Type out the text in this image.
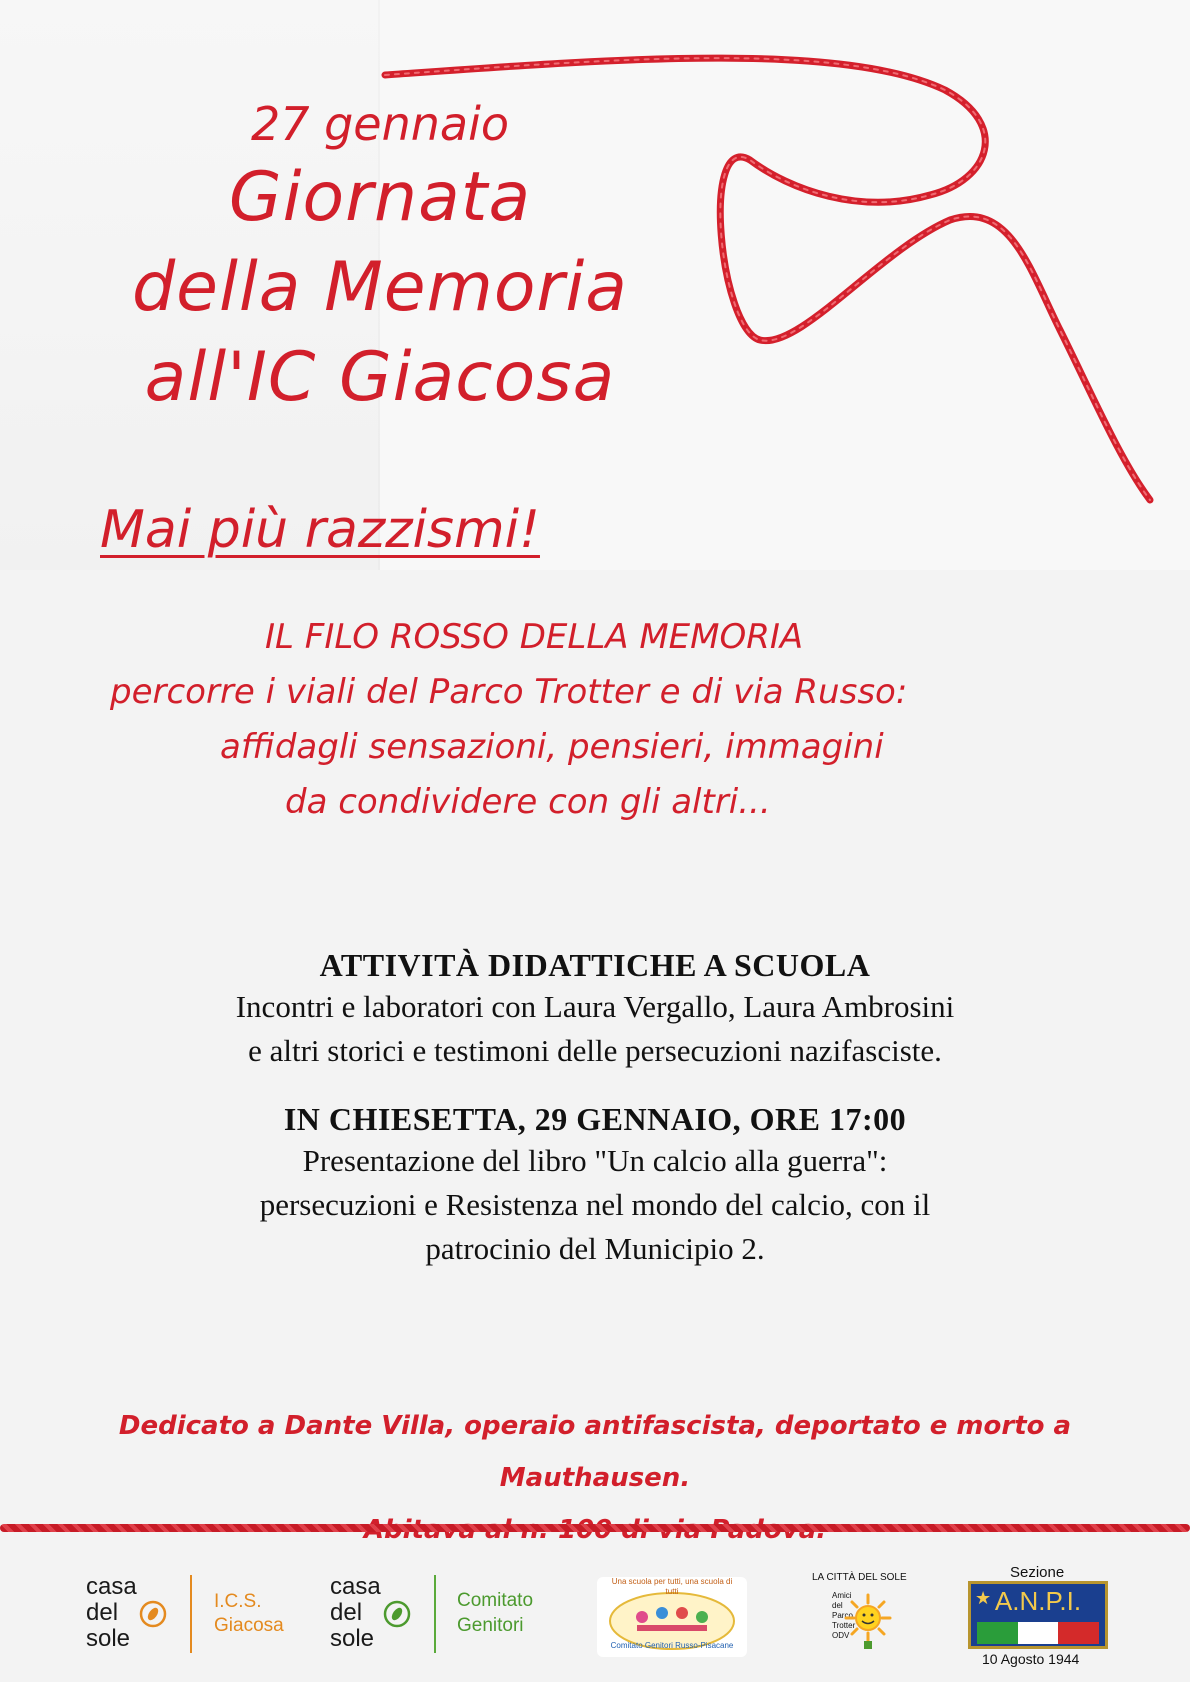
27 gennaio
Giornata
della Memoria
all'IC Giacosa
Mai più razzismi!
IL FILO ROSSO DELLA MEMORIA
percorre i viali del Parco Trotter e di via Russo:
affidagli sensazioni, pensieri, immagini
da condividere con gli altri...
ATTIVITÀ DIDATTICHE A SCUOLA
Incontri e laboratori con Laura Vergallo, Laura Ambrosini
e altri storici e testimoni delle persecuzioni nazifasciste.
IN CHIESETTA, 29 GENNAIO, ORE 17:00
Presentazione del libro "Un calcio alla guerra":
persecuzioni e Resistenza nel mondo del calcio, con il
patrocinio del Municipio 2.
Dedicato a Dante Villa, operaio antifascista, deportato e morto a Mauthausen.
casa
del
sole
I.C.S.
Giacosa
casa
del
sole
Comitato
Genitori
Una scuola per tutti, una scuola di tutti
Comitato Genitori Russo-Pisacane
LA CITTÀ DEL SOLE
Amici
del
Parco
Trotter
ODV
Sezione
A.N.P.I.
★
10 Agosto 1944
